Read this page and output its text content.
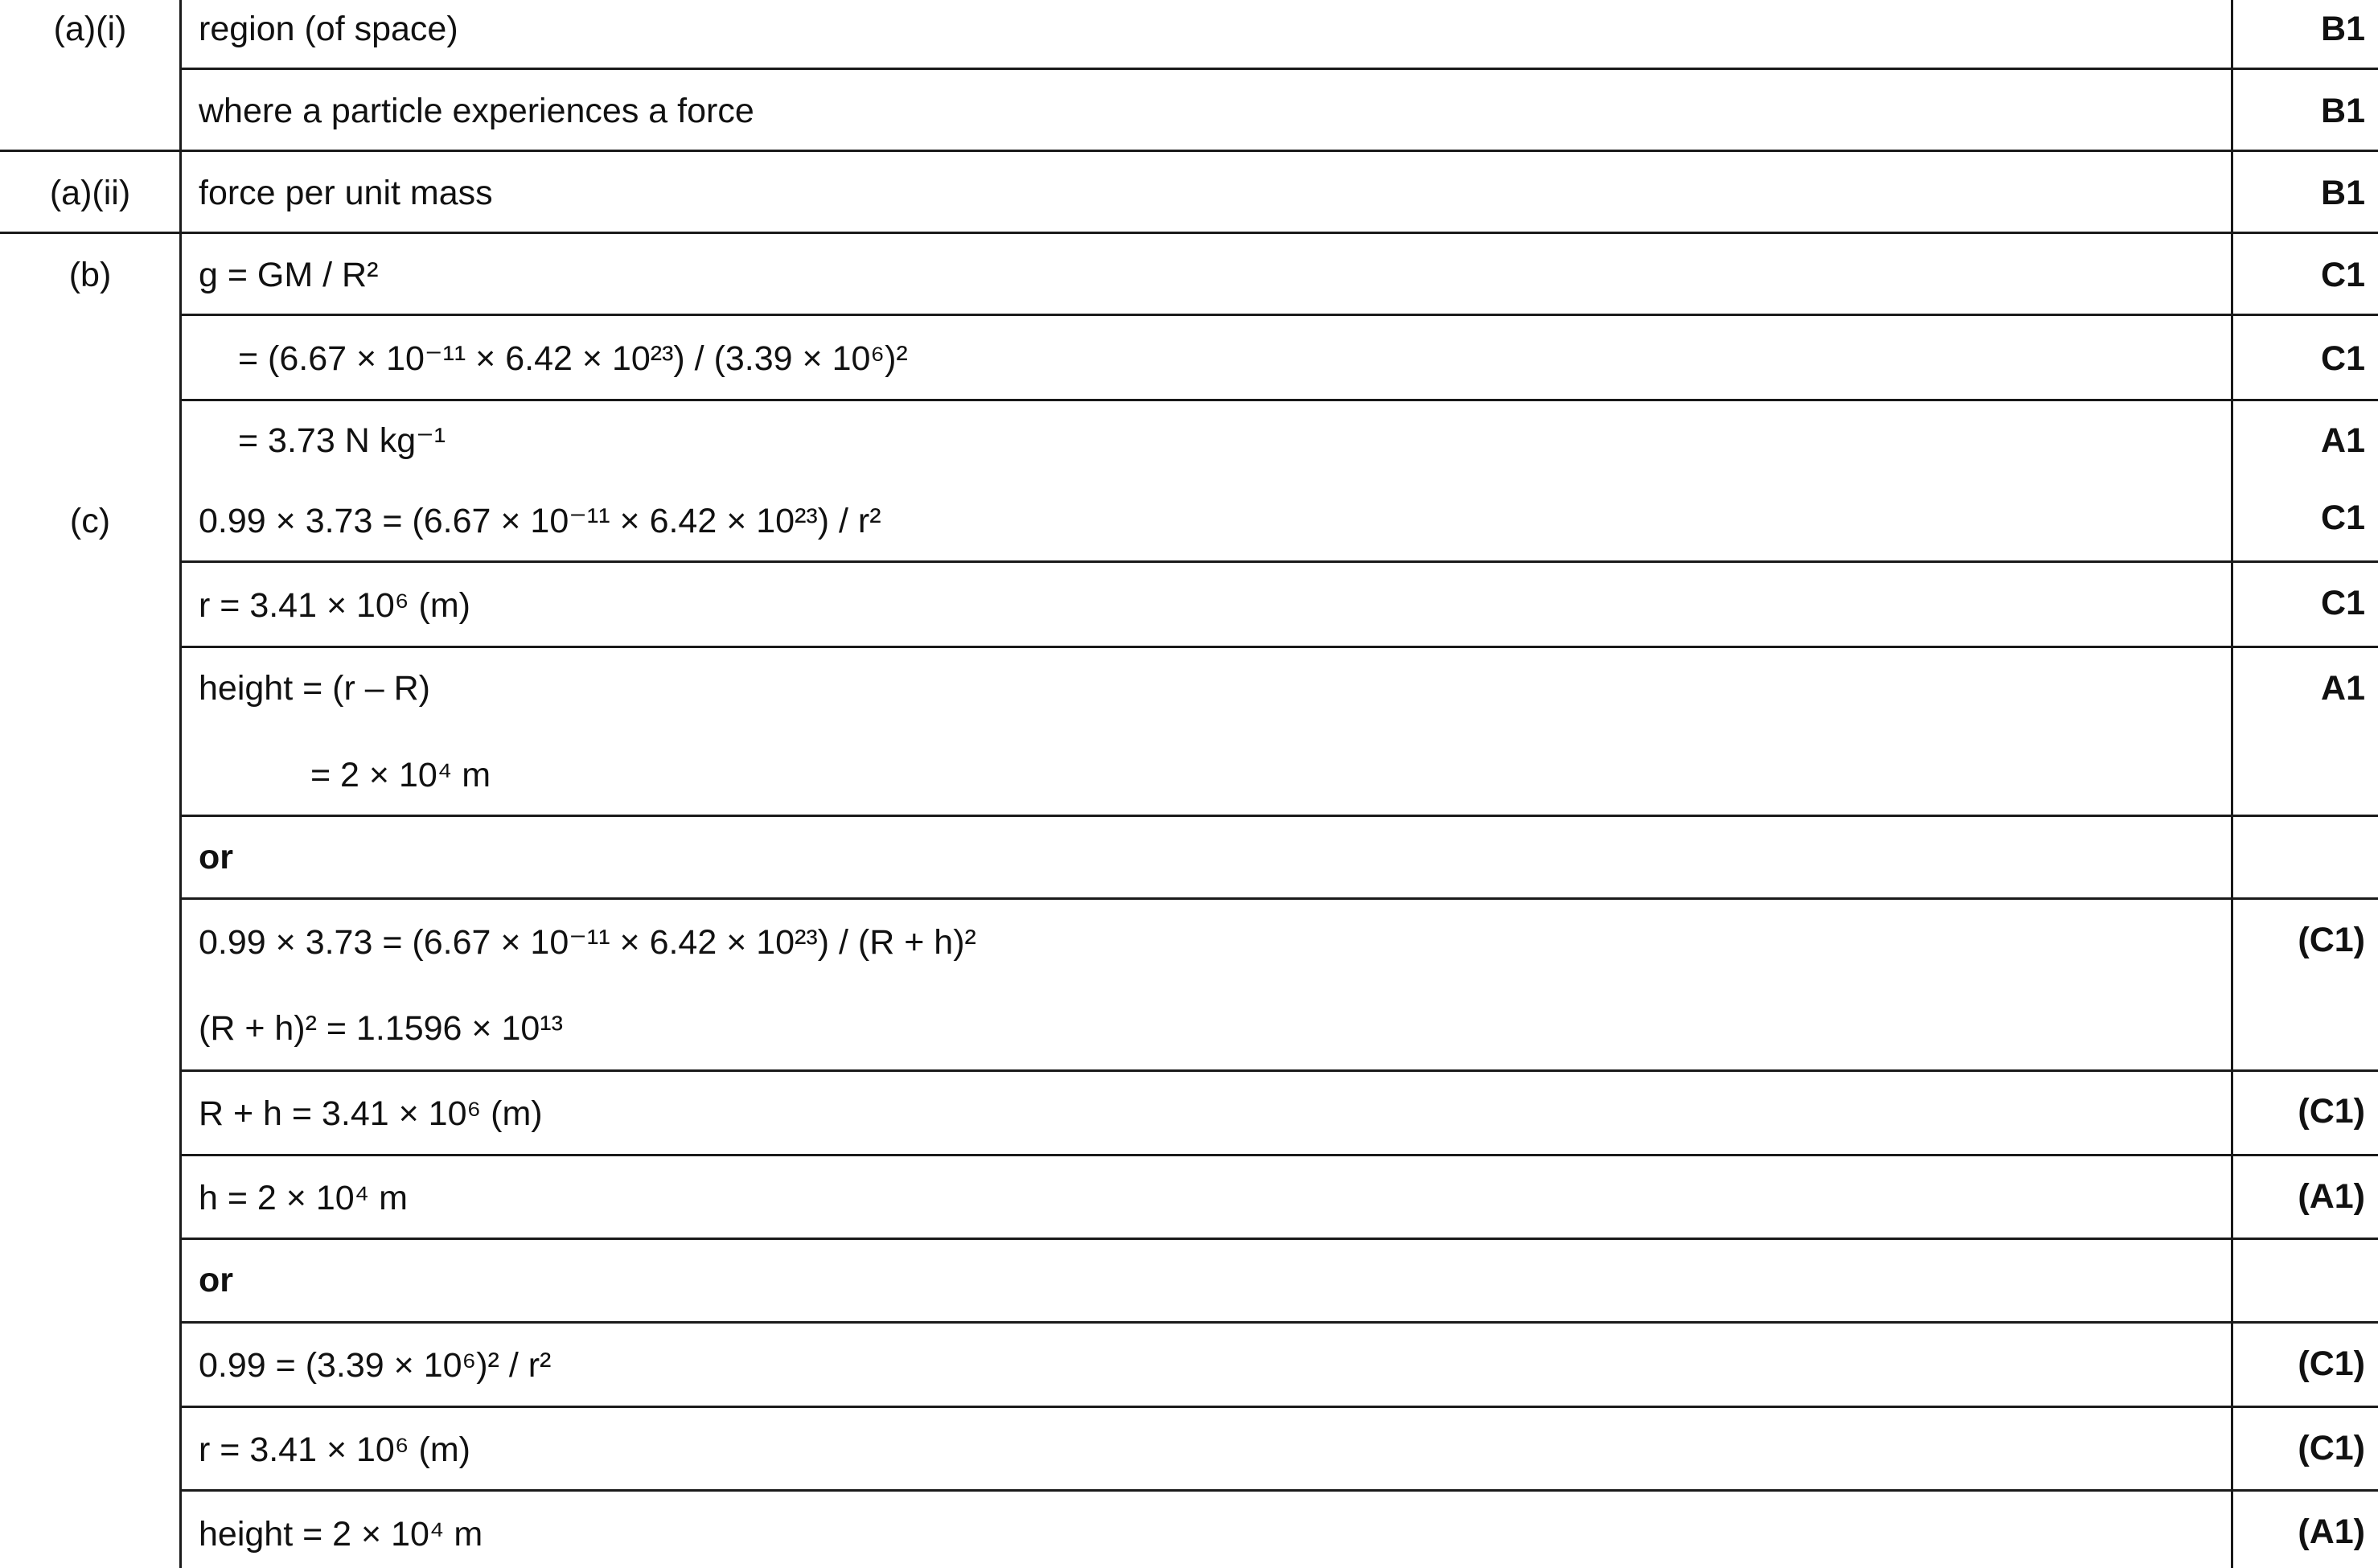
(a)(i)
(a)(ii)
(b)
(c)
region (of space)
where a particle experiences a force
force per unit mass
g = GM / R²
= (6.67 × 10⁻¹¹ × 6.42 × 10²³) / (3.39 × 10⁶)²
= 3.73 N kg⁻¹
0.99 × 3.73 = (6.67 × 10⁻¹¹ × 6.42 × 10²³) / r²
r = 3.41 × 10⁶ (m)
height = (r – R)
= 2 × 10⁴ m
or
0.99 × 3.73 = (6.67 × 10⁻¹¹ × 6.42 × 10²³) / (R + h)²
(R + h)² = 1.1596 × 10¹³
R + h = 3.41 × 10⁶ (m)
h = 2 × 10⁴ m
or
0.99 = (3.39 × 10⁶)² / r²
r = 3.41 × 10⁶ (m)
height = 2 × 10⁴ m
B1
B1
B1
C1
C1
A1
C1
C1
A1
(C1)
(C1)
(A1)
(C1)
(C1)
(A1)
